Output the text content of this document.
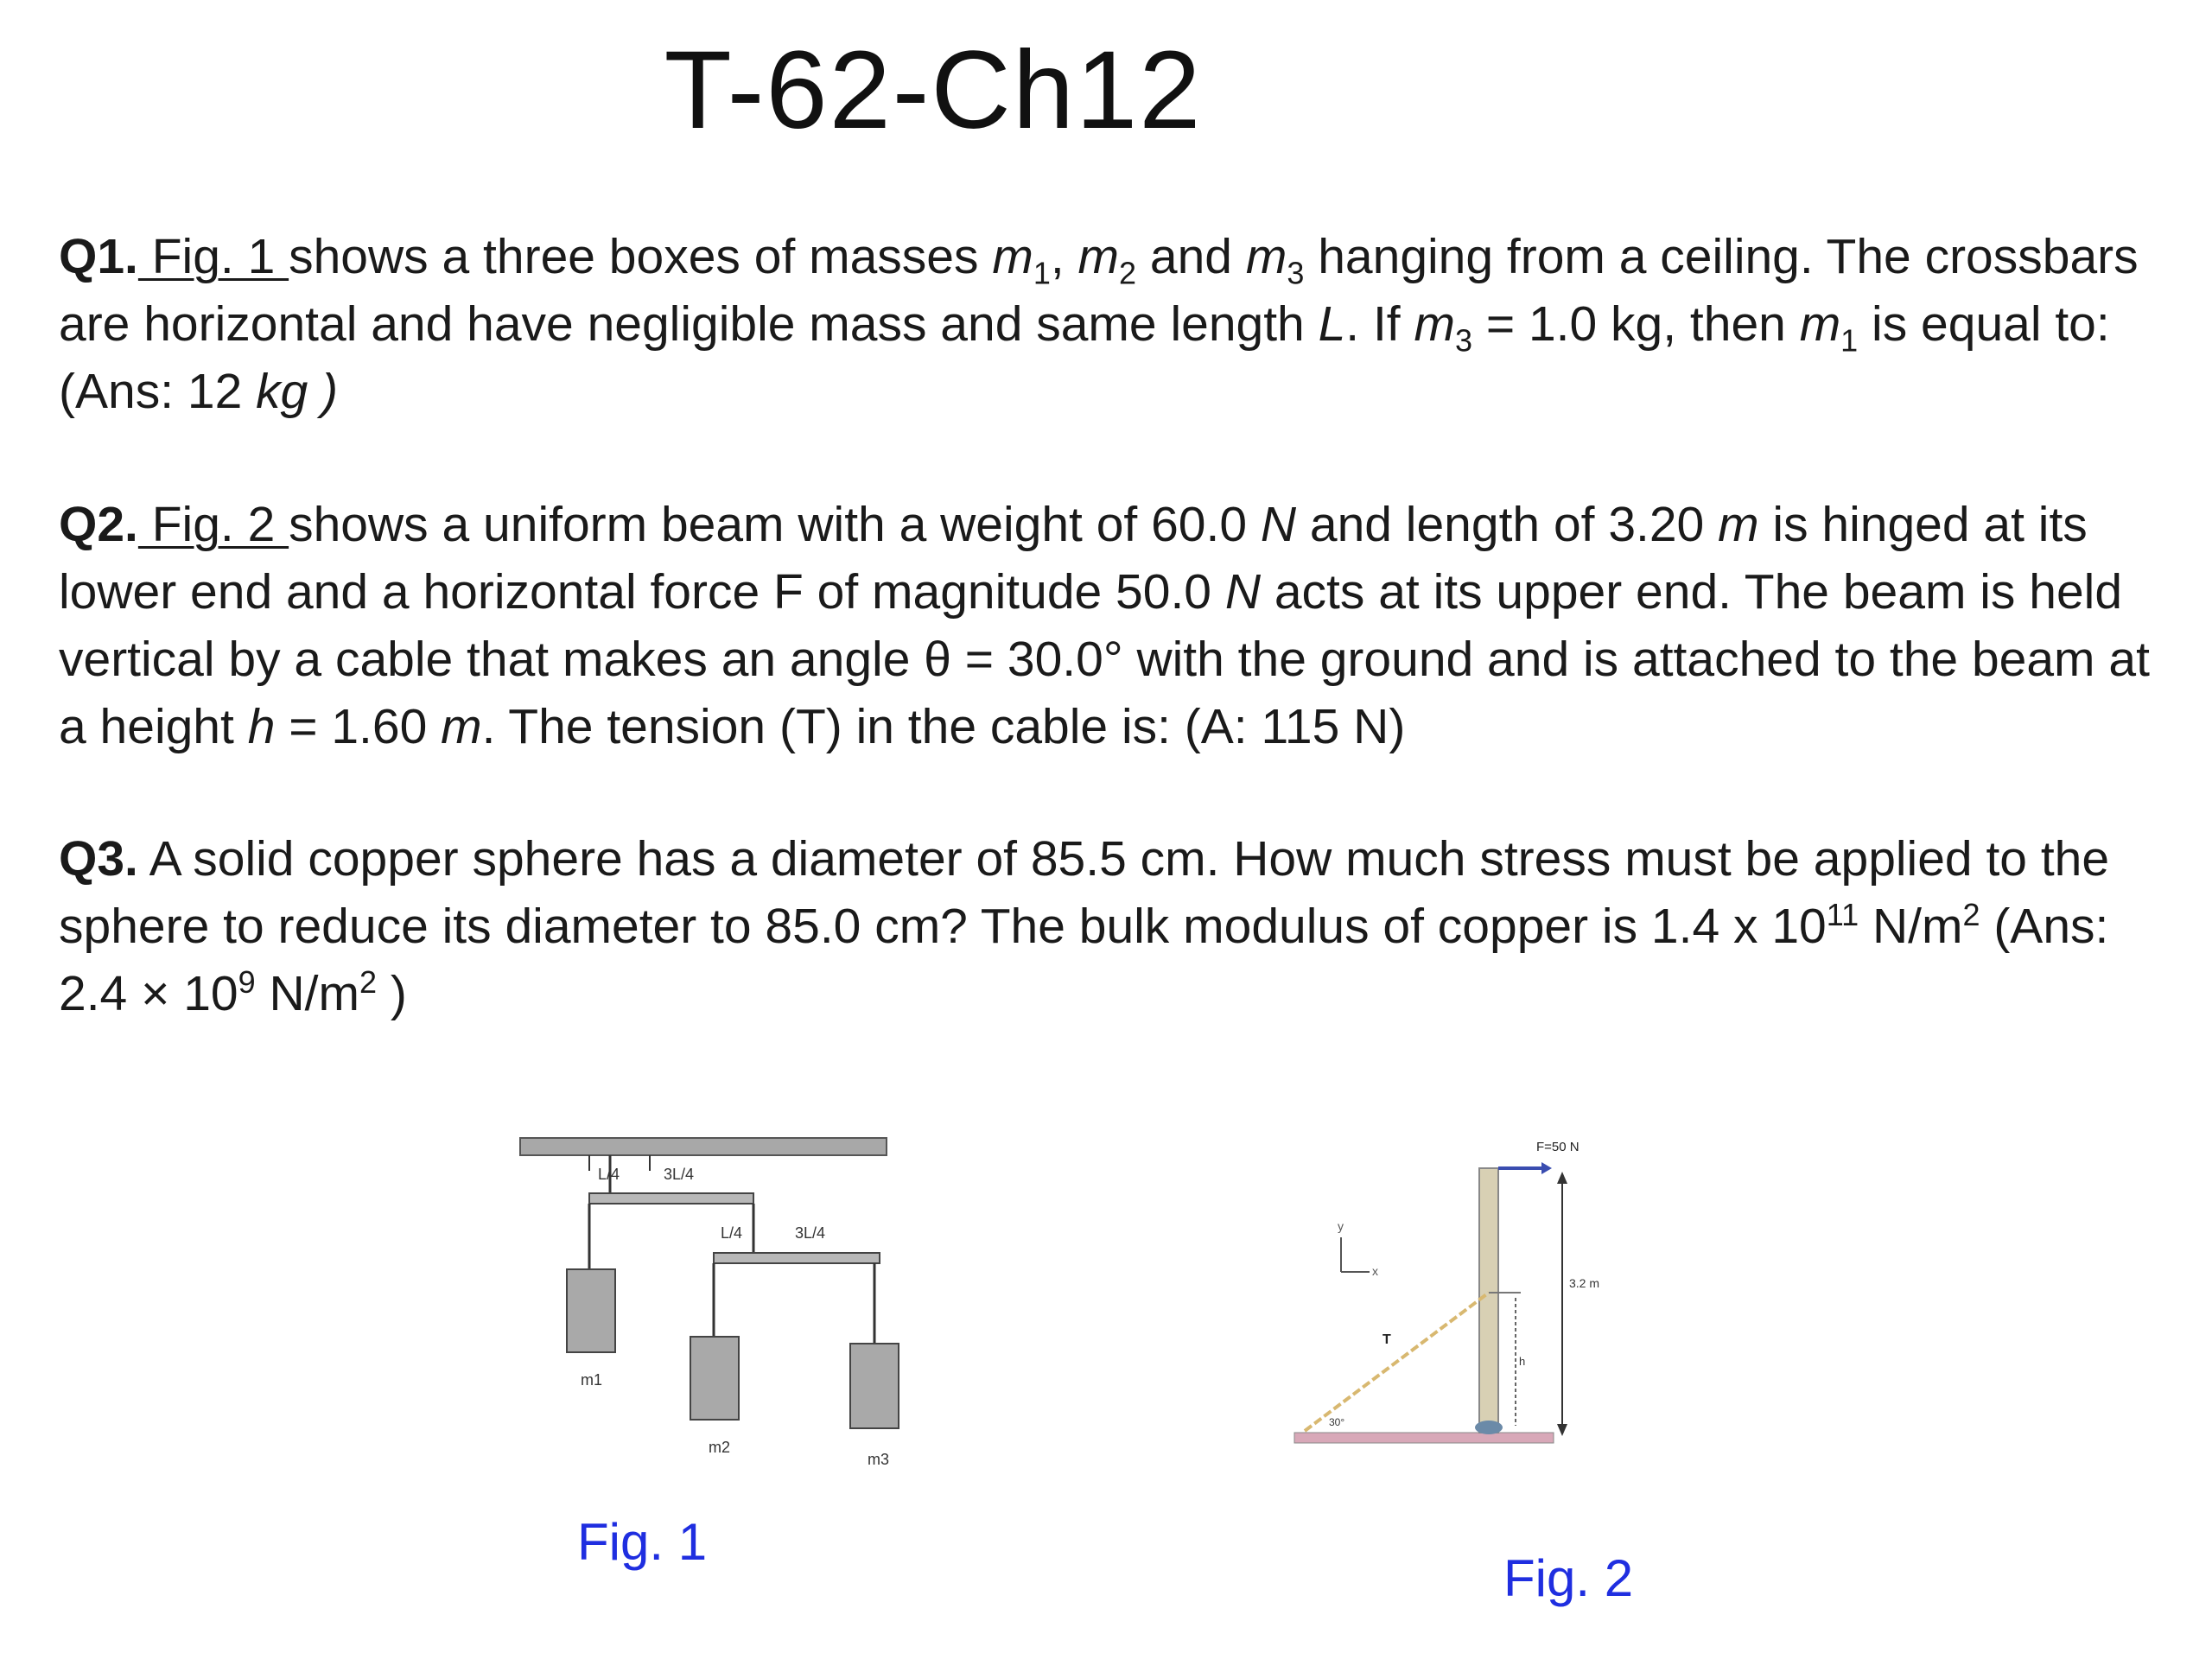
T-62-Ch12
Q1. Fig. 1 shows a three boxes of masses $m_1$, $m_2$ and $m_3$ hanging from a ceiling. The crossbars are horizontal and have negligible mass and same length L. If $m_3 = 1.0$ kg, then $m_1$ is equal to:(Ans: 12 kg )
Q2. Fig. 2 shows a uniform beam with a weight of 60.0 N and length of 3.20 m is hinged at its lower end and a horizontal force F of magnitude 50.0 N acts at its upper end. The beam is held vertical by a cable that makes an angle θ = 30.0° with the ground and is attached to the beam at a height h = 1.60 m. The tension (T) in the cable is: (A: 115 N)
Q3. A solid copper sphere has a diameter of 85.5 cm. How much stress must be applied to the sphere to reduce its diameter to 85.0 cm? The bulk modulus of copper is 1.4 x $10^{11}$ $N/m^2$ (Ans: $2.4 \times 10^9$ $N/m^2$ )
L/4	3L/4
m1
L/4	3L/4
m2
m3
Fig. 1
y
x
30°
T
h
F=50 N
3.2 m
Fig. 2
